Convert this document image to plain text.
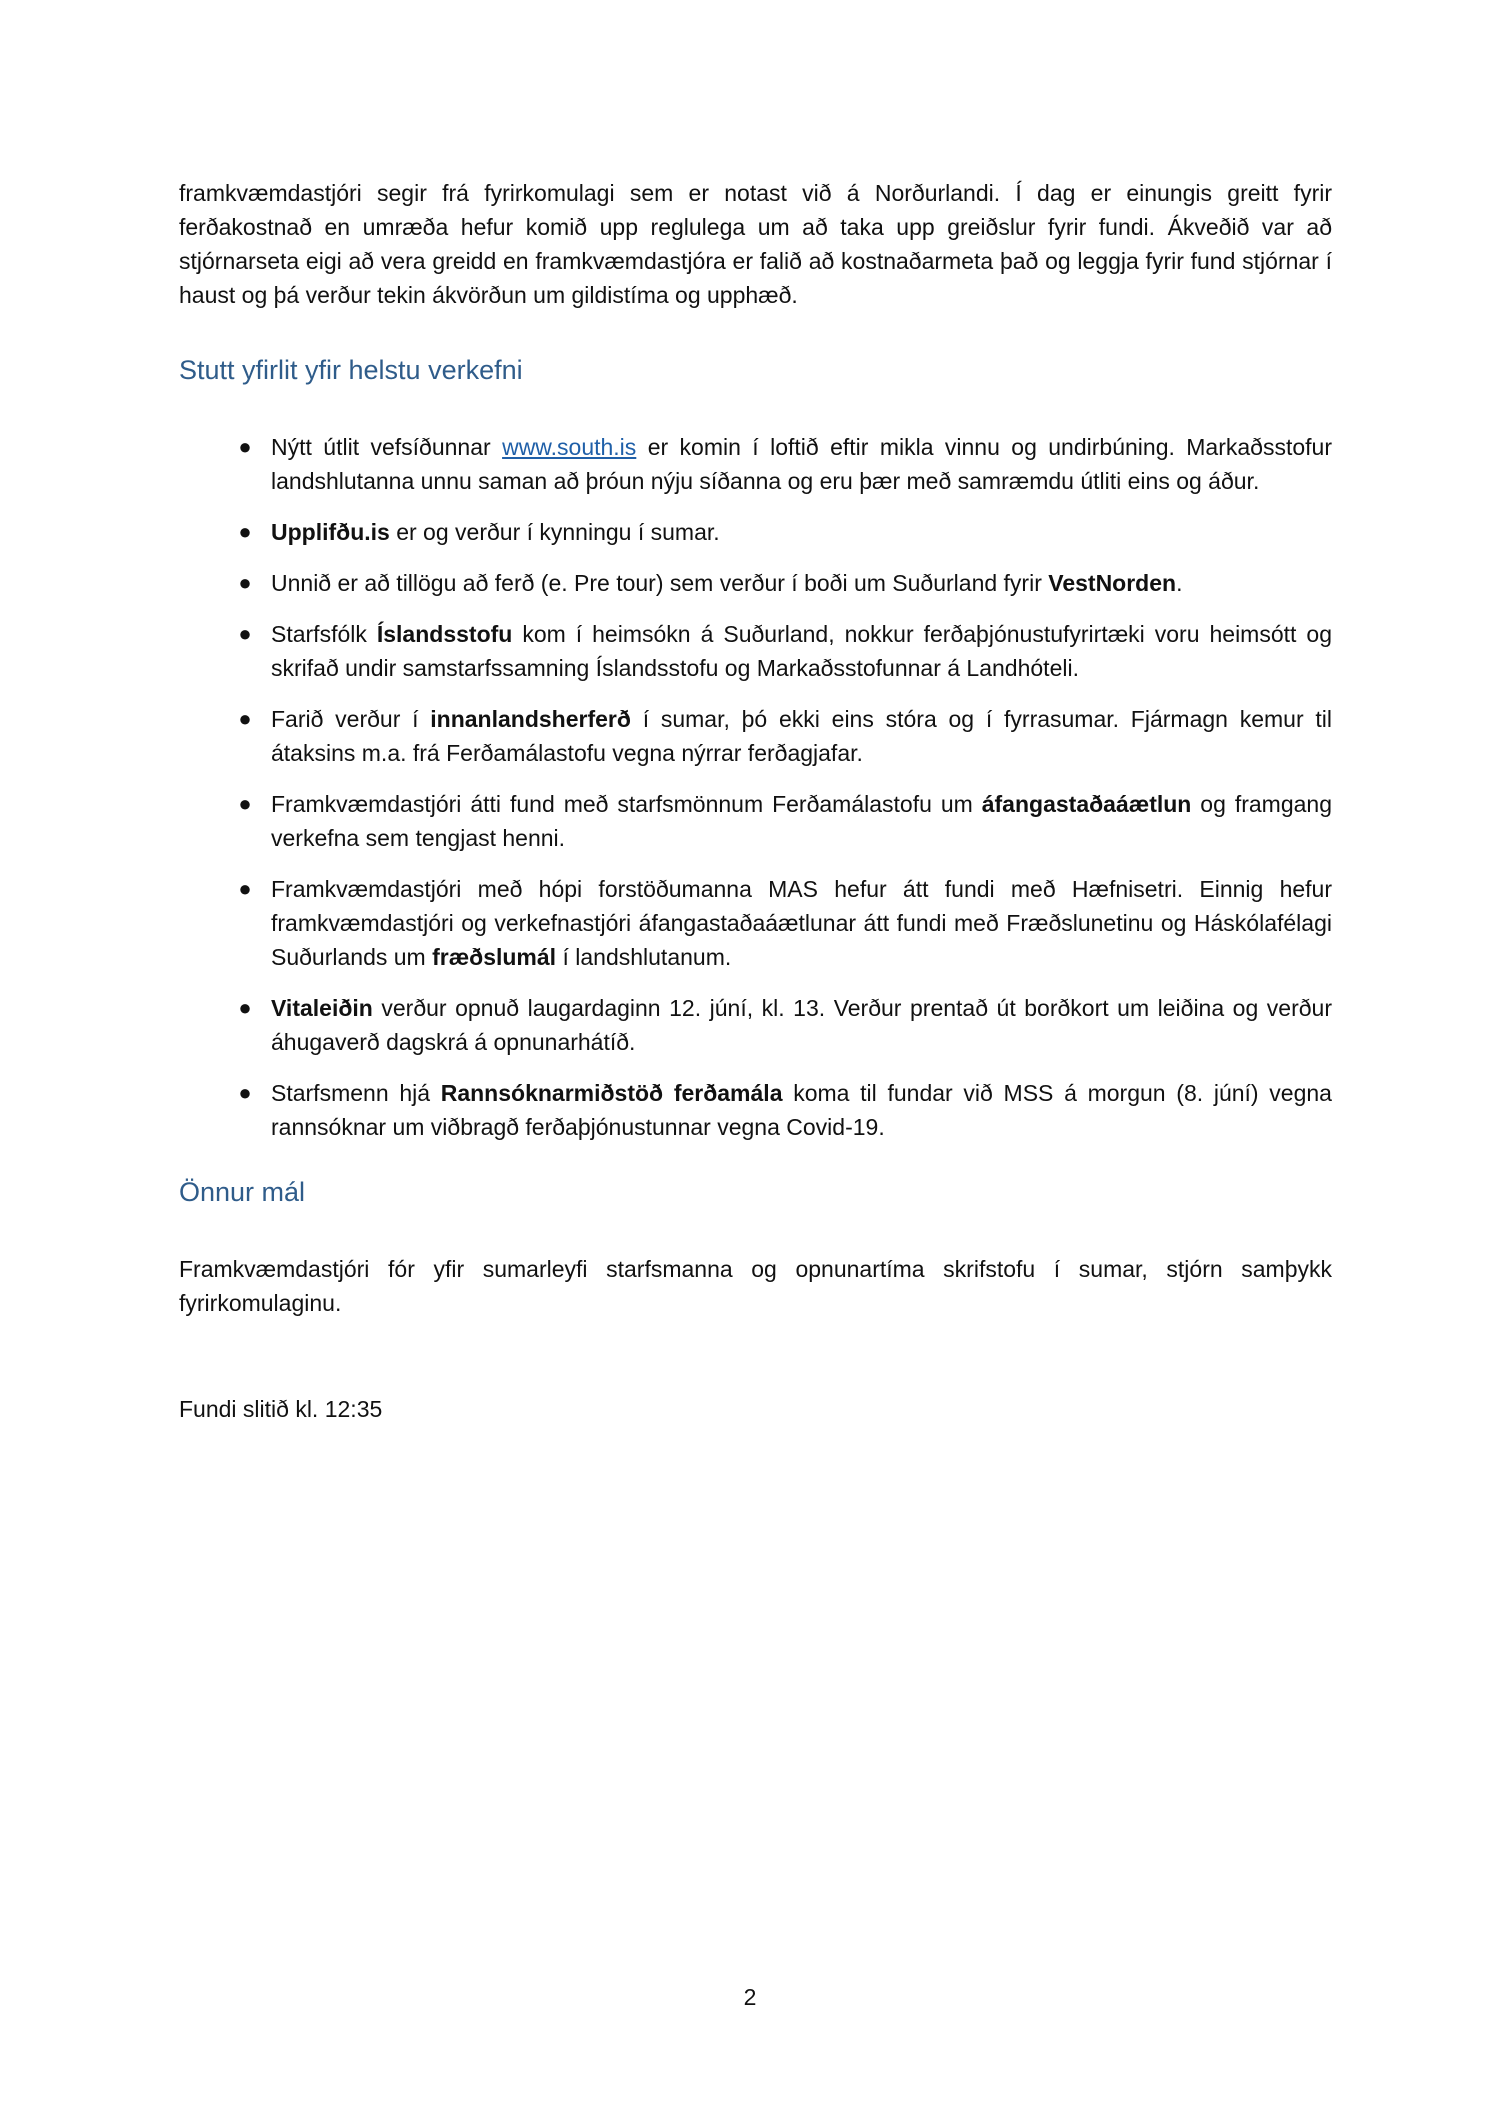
framkvæmdastjóri segir frá fyrirkomulagi sem er notast við á Norðurlandi. Í dag er einungis greitt fyrir ferðakostnað en umræða hefur komið upp reglulega um að taka upp greiðslur fyrir fundi. Ákveðið var að stjórnarseta eigi að vera greidd en framkvæmdastjóra er falið að kostnaðarmeta það og leggja fyrir fund stjórnar í haust og þá verður tekin ákvörðun um gildistíma og upphæð.

Stutt yfirlit yfir helstu verkefni
● Nýtt útlit vefsíðunnar www.south.is er komin í loftið eftir mikla vinnu og undirbúning. Markaðsstofur landshlutanna unnu saman að þróun nýju síðanna og eru þær með samræmdu útliti eins og áður.
● Upplifðu.is er og verður í kynningu í sumar.
● Unnið er að tillögu að ferð (e. Pre tour) sem verður í boði um Suðurland fyrir VestNorden.
● Starfsfólk Íslandsstofu kom í heimsókn á Suðurland, nokkur ferðaþjónustufyrirtæki voru heimsótt og skrifað undir samstarfssamning Íslandsstofu og Markaðsstofunnar á Landhóteli.
● Farið verður í innanlandsherferð í sumar, þó ekki eins stóra og í fyrrasumar. Fjármagn kemur til átaksins m.a. frá Ferðamálastofu vegna nýrrar ferðagjafar.
● Framkvæmdastjóri átti fund með starfsmönnum Ferðamálastofu um áfangastaðaáætlun og framgang verkefna sem tengjast henni.
● Framkvæmdastjóri með hópi forstöðumanna MAS hefur átt fundi með Hæfnisetri. Einnig hefur framkvæmdastjóri og verkefnastjóri áfangastaðaáætlunar átt fundi með Fræðslunetinu og Háskólafélagi Suðurlands um fræðslumál í landshlutanum.
● Vitaleiðin verður opnuð laugardaginn 12. júní, kl. 13. Verður prentað út borðkort um leiðina og verður áhugaverð dagskrá á opnunarhátíð.
● Starfsmenn hjá Rannsóknarmiðstöð ferðamála koma til fundar við MSS á morgun (8. júní) vegna rannsóknar um viðbragð ferðaþjónustunnar vegna Covid-19.
Önnur mál

Framkvæmdastjóri fór yfir sumarleyfi starfsmanna og opnunartíma skrifstofu í sumar, stjórn samþykk fyrirkomulaginu.

Fundi slitið kl. 12:35

2
